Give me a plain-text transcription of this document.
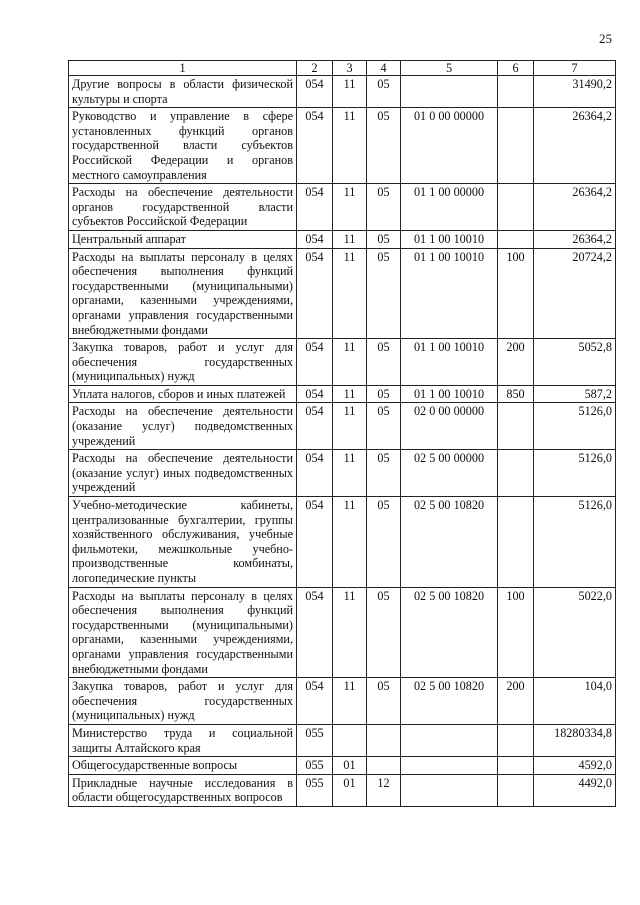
25
1	2	3	4	5	6	7
Другие вопросы в области физической культуры и спорта	054	11	05			31490,2
Руководство и управление в сфере установленных функций органов государственной власти субъектов Российской Федерации и органов местного самоуправления	054	11	05	01 0 00 00000		26364,2
Расходы на обеспечение деятельности органов государственной власти субъектов Российской Федерации	054	11	05	01 1 00 00000		26364,2
Центральный аппарат	054	11	05	01 1 00 10010		26364,2
Расходы на выплаты персоналу в целях обеспечения выполнения функций государственными (муниципальными) органами, казенными учреждениями, органами управления государственными внебюджетными фондами	054	11	05	01 1 00 10010	100	20724,2
Закупка товаров, работ и услуг для обеспечения государственных (муниципальных) нужд	054	11	05	01 1 00 10010	200	5052,8
Уплата налогов, сборов и иных платежей	054	11	05	01 1 00 10010	850	587,2
Расходы на обеспечение деятельности (оказание услуг) подведомственных учреждений	054	11	05	02 0 00 00000		5126,0
Расходы на обеспечение деятельности (оказание услуг) иных подведомственных учреждений	054	11	05	02 5 00 00000		5126,0
Учебно-методические кабинеты, централизованные бухгалтерии, группы хозяйственного обслуживания, учебные фильмотеки, межшкольные учебно-производственные комбинаты, логопедические пункты	054	11	05	02 5 00 10820		5126,0
Расходы на выплаты персоналу в целях обеспечения выполнения функций государственными (муниципальными) органами, казенными учреждениями, органами управления государственными внебюджетными фондами	054	11	05	02 5 00 10820	100	5022,0
Закупка товаров, работ и услуг для обеспечения государственных (муниципальных) нужд	054	11	05	02 5 00 10820	200	104,0
Министерство труда и социальной защиты Алтайского края	055					18280334,8
Общегосударственные вопросы	055	01				4592,0
Прикладные научные исследования в области общегосударственных вопросов	055	01	12			4492,0
